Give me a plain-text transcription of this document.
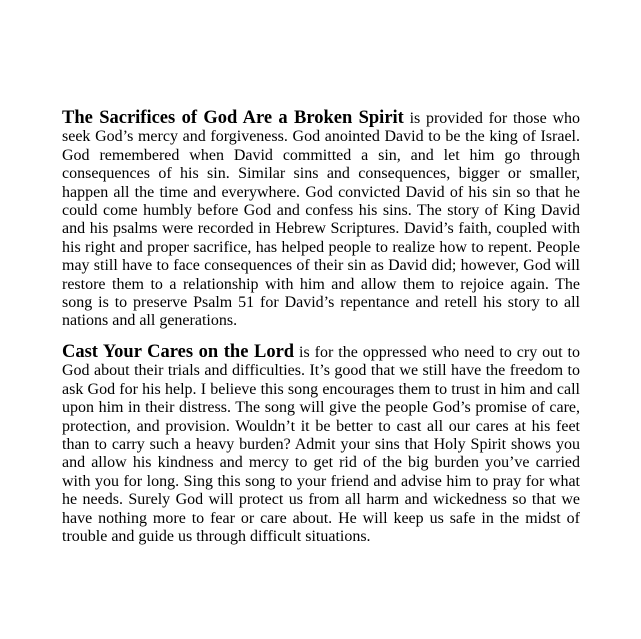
The Sacrifices of God Are a Broken Spirit is provided for those who seek God’s mercy and forgiveness. God anointed David to be the king of Israel. God remembered when David committed a sin, and let him go through consequences of his sin. Similar sins and consequences, bigger or smaller, happen all the time and everywhere. God convicted David of his sin so that he could come humbly before God and confess his sins. The story of King David and his psalms were recorded in Hebrew Scriptures. David’s faith, coupled with his right and proper sacrifice, has helped people to realize how to repent. People may still have to face consequences of their sin as David did; however, God will restore them to a relationship with him and allow them to rejoice again. The song is to preserve Psalm 51 for David’s repentance and retell his story to all nations and all generations.

Cast Your Cares on the Lord is for the oppressed who need to cry out to God about their trials and difficulties. It’s good that we still have the freedom to ask God for his help. I believe this song encourages them to trust in him and call upon him in their distress. The song will give the people God’s promise of care, protection, and provision. Wouldn’t it be better to cast all our cares at his feet than to carry such a heavy burden? Admit your sins that Holy Spirit shows you and allow his kindness and mercy to get rid of the big burden you’ve carried with you for long. Sing this song to your friend and advise him to pray for what he needs. Surely God will protect us from all harm and wickedness so that we have nothing more to fear or care about. He will keep us safe in the midst of trouble and guide us through difficult situations.
